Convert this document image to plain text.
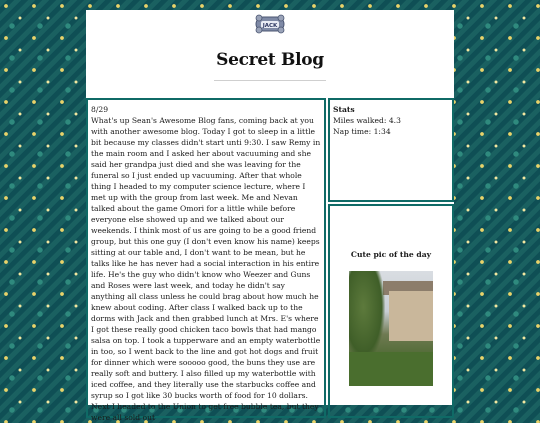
JACK
Secret Blog

8/29

What's up Sean's Awesome Blog fans, coming back at you with another awesome blog. Today I got to sleep in a little bit because my classes didn't start unti 9:30. I saw Remy in the main room and I asked her about vacuuming and she said her grandpa just died and she was leaving for the funeral so I just ended up vacuuming. After that whole thing I headed to my computer science lecture, where I met up with the group from last week. Me and Nevan talked about the game Omori for a little while before everyone else showed up and we talked about our weekends. I think most of us are going to be a good friend group, but this one guy (I don't even know his name) keeps sitting at our table and, I don't want to be mean, but he talks like he has never had a social interaction in his entire life. He's the guy who didn't know who Weezer and Guns and Roses were last week, and today he didn't say anything all class unless he could brag about how much he knew about coding. After class I walked back up to the dorms with Jack and then grabbed lunch at Mrs. E's where I got these really good chicken taco bowls that had mango salsa on top. I took a tupperware and an empty waterbottle in too, so I went back to the line and got hot dogs and fruit for dinner which were sooooo good, the buns they use are really soft and buttery. I also filled up my waterbottle with iced coffee, and they literally use the starbucks coffee and syrup so I got like 30 bucks worth of food for 10 dollars. Next I headed to the Union to get free bubble tea, but they were all sold out

Stats
Miles walked: 4.3
Nap time: 1:34
Cute pic of the day
